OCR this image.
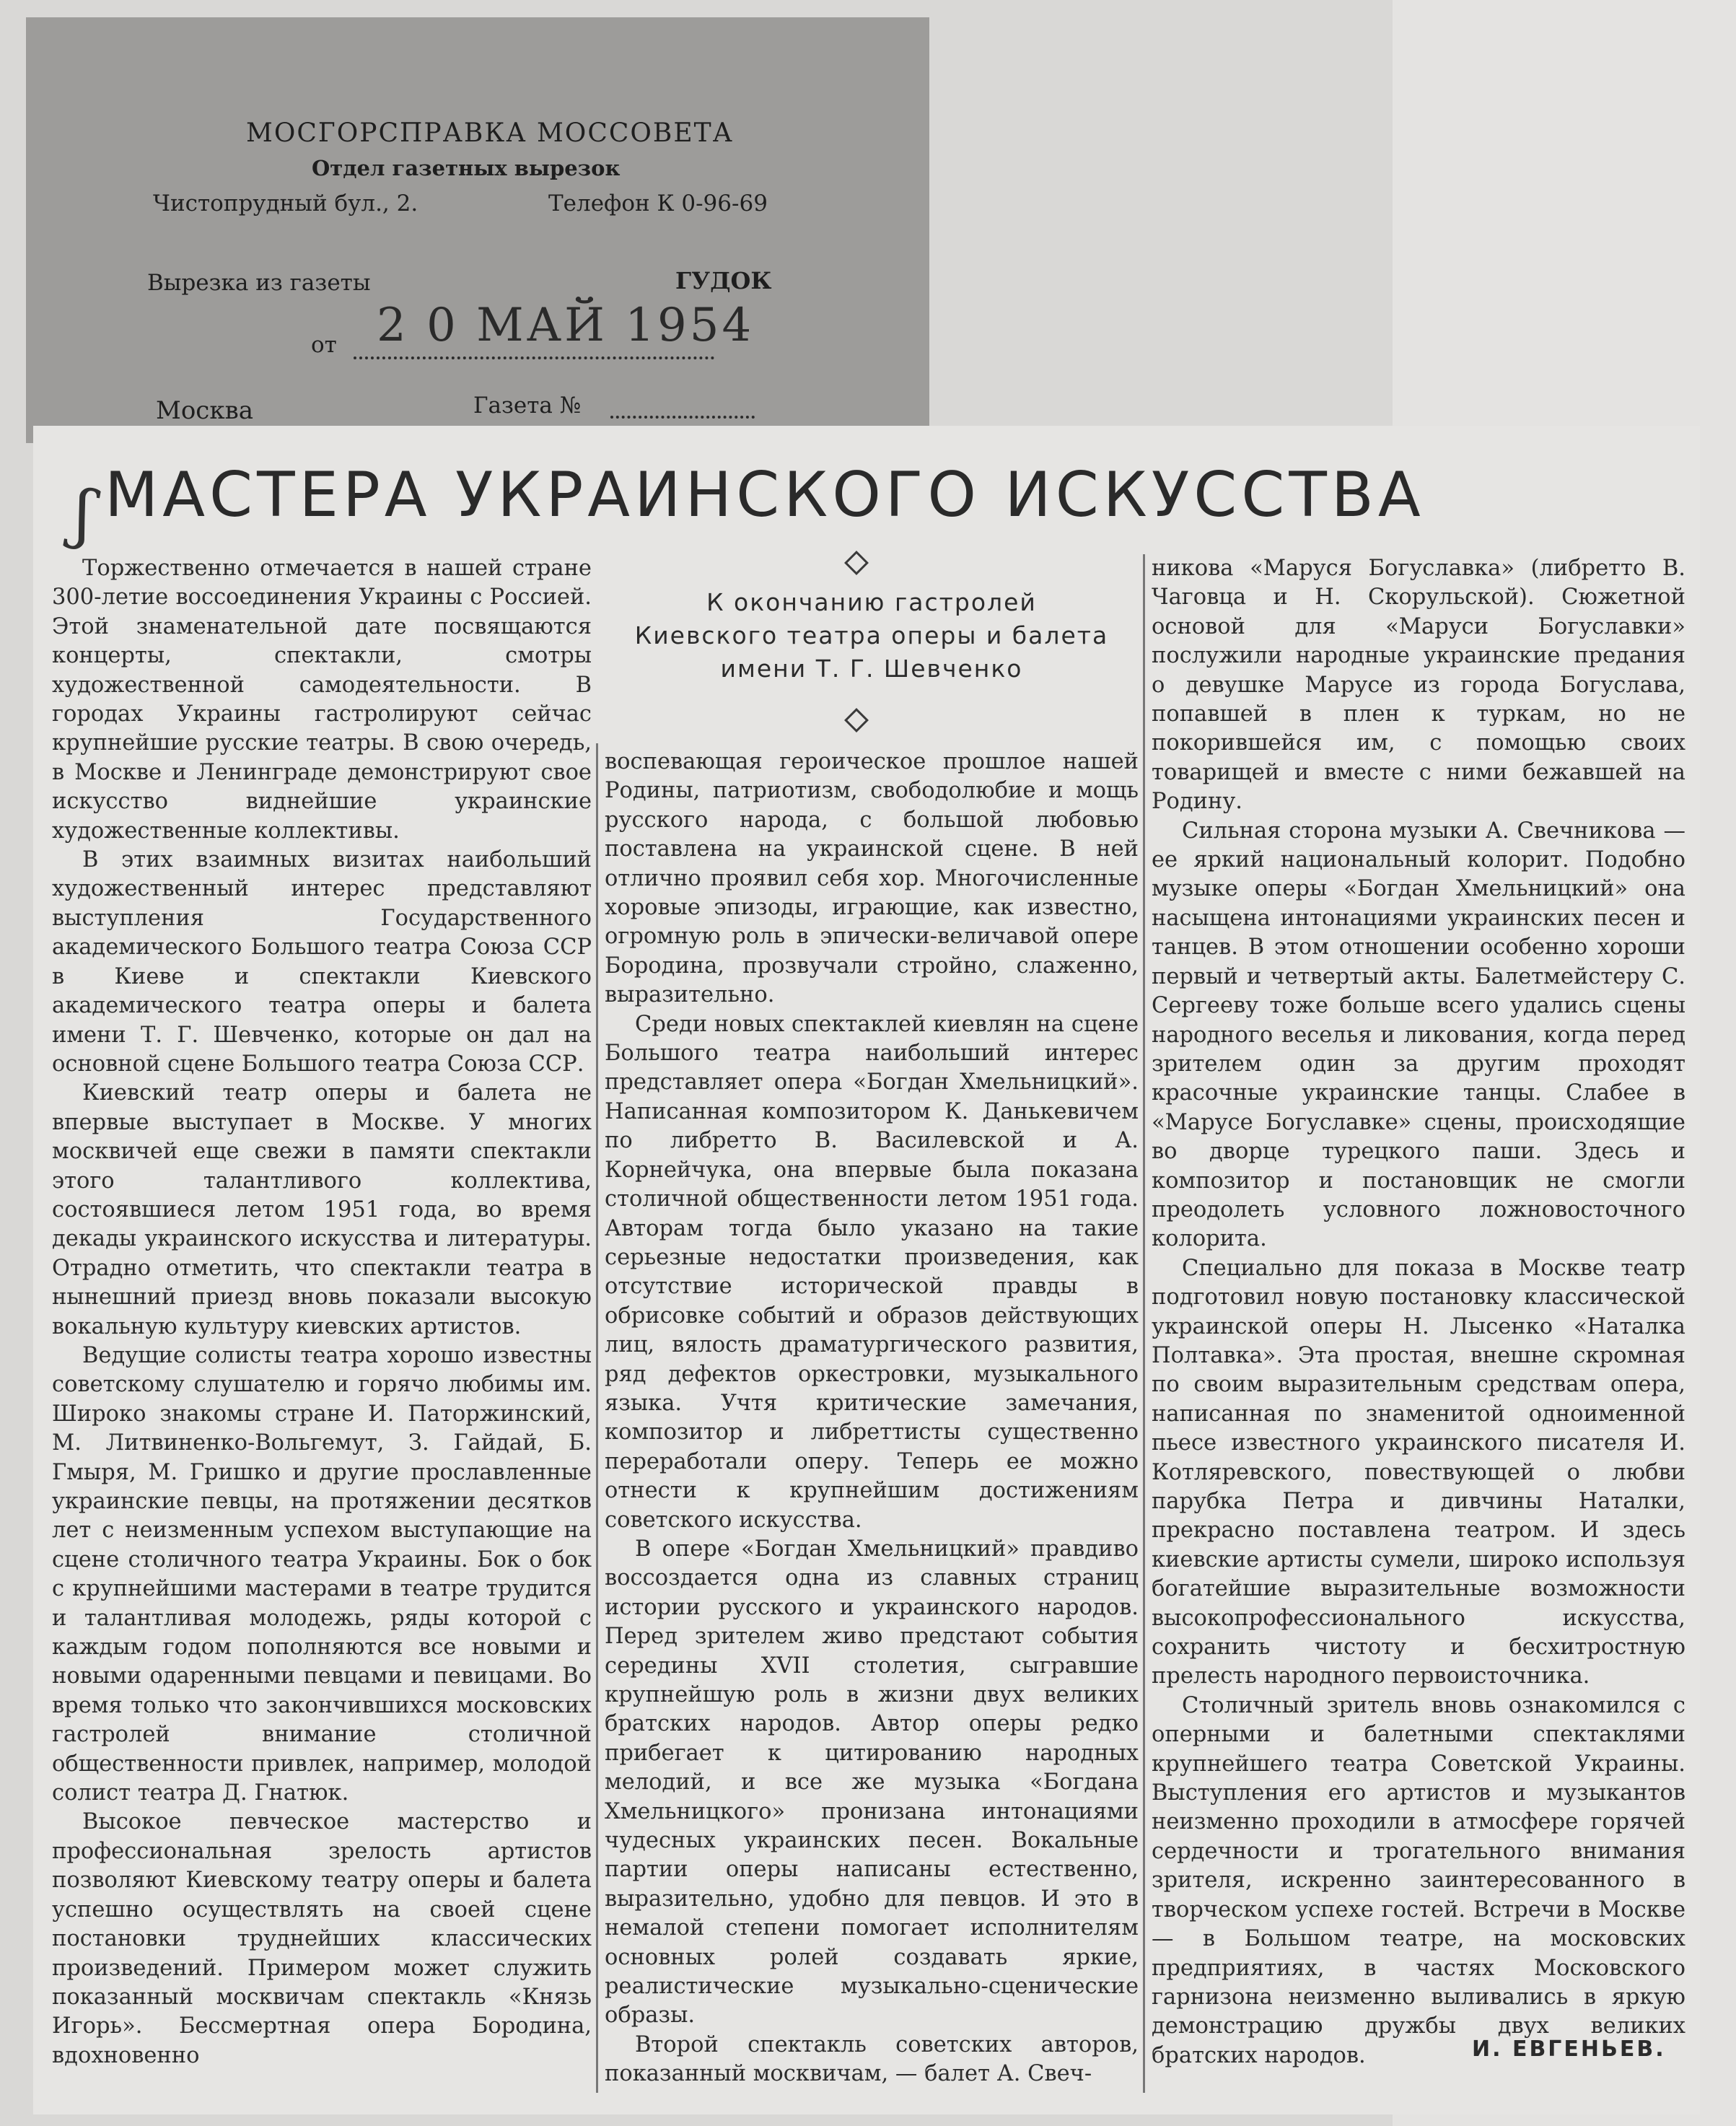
МОСГОРСПРАВКА МОССОВЕТА
Отдел газетных вырезок
Чистопрудный бул., 2.	Телефон К 0-96-69
Вырезка из газеты	ГУДОК
от 2 0 МАЙ 1954
Москва	Газета №
ʃ МАСТЕРА УКРАИНСКОГО ИСКУССТВА

Торжественно отмечается в нашей стране 300-летие воссоединения Украины с Россией. Этой знаменательной дате посвящаются концерты, спектакли, смотры художественной самодеятельности. В городах Украины гастролируют сейчас крупнейшие русские театры. В свою очередь, в Москве и Ленинграде демонстрируют свое искусство виднейшие украинские художественные коллективы.

В этих взаимных визитах наибольший художественный интерес представляют выступления Государственного академического Большого театра Союза ССР в Киеве и спектакли Киевского академического театра оперы и балета имени Т. Г. Шевченко, которые он дал на основной сцене Большого театра Союза ССР.

Киевский театр оперы и балета не впервые выступает в Москве. У многих москвичей еще свежи в памяти спектакли этого талантливого коллектива, состоявшиеся летом 1951 года, во время декады украинского искусства и литературы. Отрадно отметить, что спектакли театра в нынешний приезд вновь показали высокую вокальную культуру киевских артистов.

Ведущие солисты театра хорошо известны советскому слушателю и горячо любимы им. Широко знакомы стране И. Паторжинский, М. Литвиненко-Вольгемут, З. Гайдай, Б. Гмыря, М. Гришко и другие прославленные украинские певцы, на протяжении десятков лет с неизменным успехом выступающие на сцене столичного театра Украины. Бок о бок с крупнейшими мастерами в театре трудится и талантливая молодежь, ряды которой с каждым годом пополняются все новыми и новыми одаренными певцами и певицами. Во время только что закончившихся московских гастролей внимание столичной общественности привлек, например, молодой солист театра Д. Гнатюк.

Высокое певческое мастерство и профессиональная зрелость артистов позволяют Киевскому театру оперы и балета успешно осуществлять на своей сцене постановки труднейших классических произведений. Примером может служить показанный москвичам спектакль «Князь Игорь». Бессмертная опера Бородина, вдохновенно

К окончанию гастролей
Киевского театра оперы и балета
имени Т. Г. Шевченко

воспевающая героическое прошлое нашей Родины, патриотизм, свободолюбие и мощь русского народа, с большой любовью поставлена на украинской сцене. В ней отлично проявил себя хор. Многочисленные хоровые эпизоды, играющие, как известно, огромную роль в эпически-величавой опере Бородина, прозвучали стройно, слаженно, выразительно.

Среди новых спектаклей киевлян на сцене Большого театра наибольший интерес представляет опера «Богдан Хмельницкий». Написанная композитором К. Данькевичем по либретто В. Василевской и А. Корнейчука, она впервые была показана столичной общественности летом 1951 года. Авторам тогда было указано на такие серьезные недостатки произведения, как отсутствие исторической правды в обрисовке событий и образов действующих лиц, вялость драматургического развития, ряд дефектов оркестровки, музыкального языка. Учтя критические замечания, композитор и либреттисты существенно переработали оперу. Теперь ее можно отнести к крупнейшим достижениям советского искусства.

В опере «Богдан Хмельницкий» правдиво воссоздается одна из славных страниц истории русского и украинского народов. Перед зрителем живо предстают события середины XVII столетия, сыгравшие крупнейшую роль в жизни двух великих братских народов. Автор оперы редко прибегает к цитированию народных мелодий, и все же музыка «Богдана Хмельницкого» пронизана интонациями чудесных украинских песен. Вокальные партии оперы написаны естественно, выразительно, удобно для певцов. И это в немалой степени помогает исполнителям основных ролей создавать яркие, реалистические музыкально-сценические образы.

Второй спектакль советских авторов, показанный москвичам, — балет А. Свеч-

никова «Маруся Богуславка» (либретто В. Чаговца и Н. Скорульской). Сюжетной основой для «Маруси Богуславки» послужили народные украинские предания о девушке Марусе из города Богуслава, попавшей в плен к туркам, но не покорившейся им, с помощью своих товарищей и вместе с ними бежавшей на Родину.

Сильная сторона музыки А. Свечникова — ее яркий национальный колорит. Подобно музыке оперы «Богдан Хмельницкий» она насыщена интонациями украинских песен и танцев. В этом отношении особенно хороши первый и четвертый акты. Балетмейстеру С. Сергееву тоже больше всего удались сцены народного веселья и ликования, когда перед зрителем один за другим проходят красочные украинские танцы. Слабее в «Марусе Богуславке» сцены, происходящие во дворце турецкого паши. Здесь и композитор и постановщик не смогли преодолеть условного ложновосточного колорита.

Специально для показа в Москве театр подготовил новую постановку классической украинской оперы Н. Лысенко «Наталка Полтавка». Эта простая, внешне скромная по своим выразительным средствам опера, написанная по знаменитой одноименной пьесе известного украинского писателя И. Котляревского, повествующей о любви парубка Петра и дивчины Наталки, прекрасно поставлена театром. И здесь киевские артисты сумели, широко используя богатейшие выразительные возможности высокопрофессионального искусства, сохранить чистоту и бесхитростную прелесть народного первоисточника.

Столичный зритель вновь ознакомился с оперными и балетными спектаклями крупнейшего театра Советской Украины. Выступления его артистов и музыкантов неизменно проходили в атмосфере горячей сердечности и трогательного внимания зрителя, искренно заинтересованного в творческом успехе гостей. Встречи в Москве — в Большом театре, на московских предприятиях, в частях Московского гарнизона неизменно выливались в яркую демонстрацию дружбы двух великих братских народов.	И. ЕВГЕНЬЕВ.
